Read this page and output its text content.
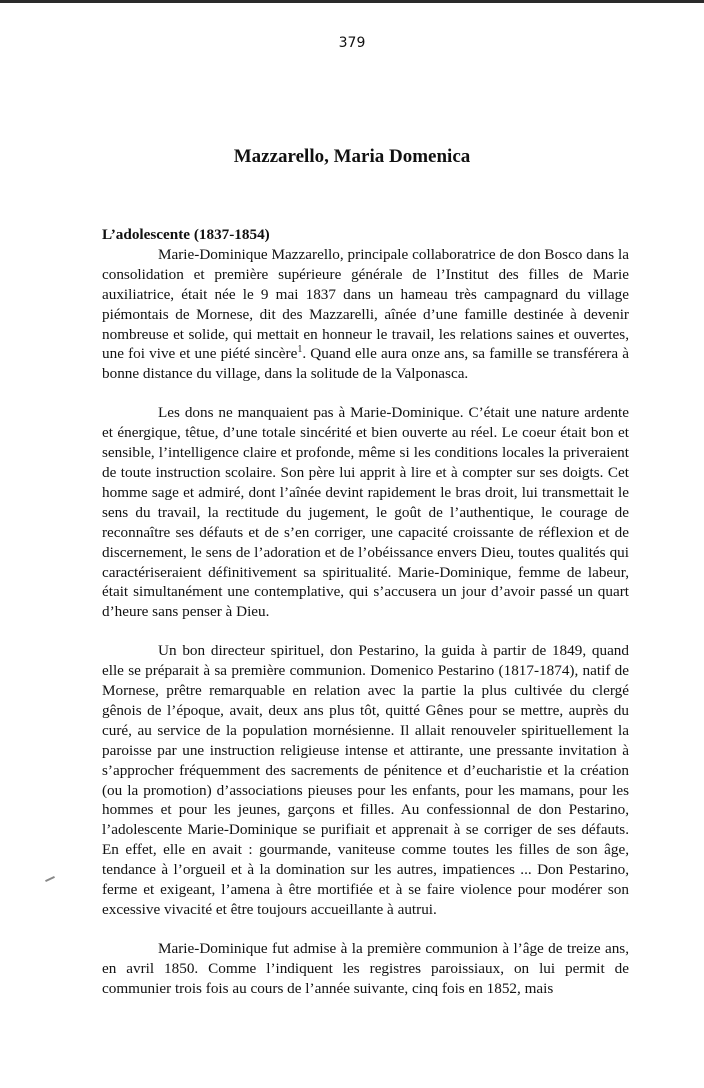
379
Mazzarello, Maria Domenica

L’adolescente (1837-1854)

Marie-Dominique Mazzarello, principale collaboratrice de don Bosco dans la consolidation et première supérieure générale de l’Institut des filles de Marie auxiliatrice, était née le 9 mai 1837 dans un hameau très campagnard du village piémontais de Mornese, dit des Mazzarelli, aînée d’une famille destinée à devenir nombreuse et solide, qui mettait en honneur le travail, les relations saines et ouvertes, une foi vive et une piété sincère$^1$. Quand elle aura onze ans, sa famille se transférera à bonne distance du village, dans la solitude de la Valponasca.

Les dons ne manquaient pas à Marie-Dominique. C’était une nature ardente et énergique, têtue, d’une totale sincérité et bien ouverte au réel. Le coeur était bon et sensible, l’intelligence claire et profonde, même si les conditions locales la priveraient de toute instruction scolaire. Son père lui apprit à lire et à compter sur ses doigts. Cet homme sage et admiré, dont l’aînée devint rapidement le bras droit, lui transmettait le sens du travail, la rectitude du jugement, le goût de l’authentique, le courage de reconnaître ses défauts et de s’en corriger, une capacité croissante de réflexion et de discernement, le sens de l’adoration et de l’obéissance envers Dieu, toutes qualités qui caractériseraient définitivement sa spiritualité. Marie-Dominique, femme de labeur, était simultanément une contemplative, qui s’accusera un jour d’avoir passé un quart d’heure sans penser à Dieu.

Un bon directeur spirituel, don Pestarino, la guida à partir de 1849, quand elle se préparait à sa première communion. Domenico Pestarino (1817-1874), natif de Mornese, prêtre remarquable en relation avec la partie la plus cultivée du clergé gênois de l’époque, avait, deux ans plus tôt, quitté Gênes pour se mettre, auprès du curé, au service de la population mornésienne. Il allait renouveler spirituellement la paroisse par une instruction religieuse intense et attirante, une pressante invitation à s’approcher fréquemment des sacrements de pénitence et d’eucharistie et la création (ou la promotion) d’associations pieuses pour les enfants, pour les mamans, pour les hommes et pour les jeunes, garçons et filles. Au confessionnal de don Pestarino, l’adolescente Marie-Dominique se purifiait et apprenait à se corriger de ses défauts. En effet, elle en avait : gourmande, vaniteuse comme toutes les filles de son âge, tendance à l’orgueil et à la domination sur les autres, impatiences ... Don Pestarino, ferme et exigeant, l’amena à être mortifiée et à se faire violence pour modérer son excessive vivacité et être toujours accueillante à autrui.

Marie-Dominique fut admise à la première communion à l’âge de treize ans, en avril 1850. Comme l’indiquent les registres paroissiaux, on lui permit de communier trois fois au cours de l’année suivante, cinq fois en 1852, mais
